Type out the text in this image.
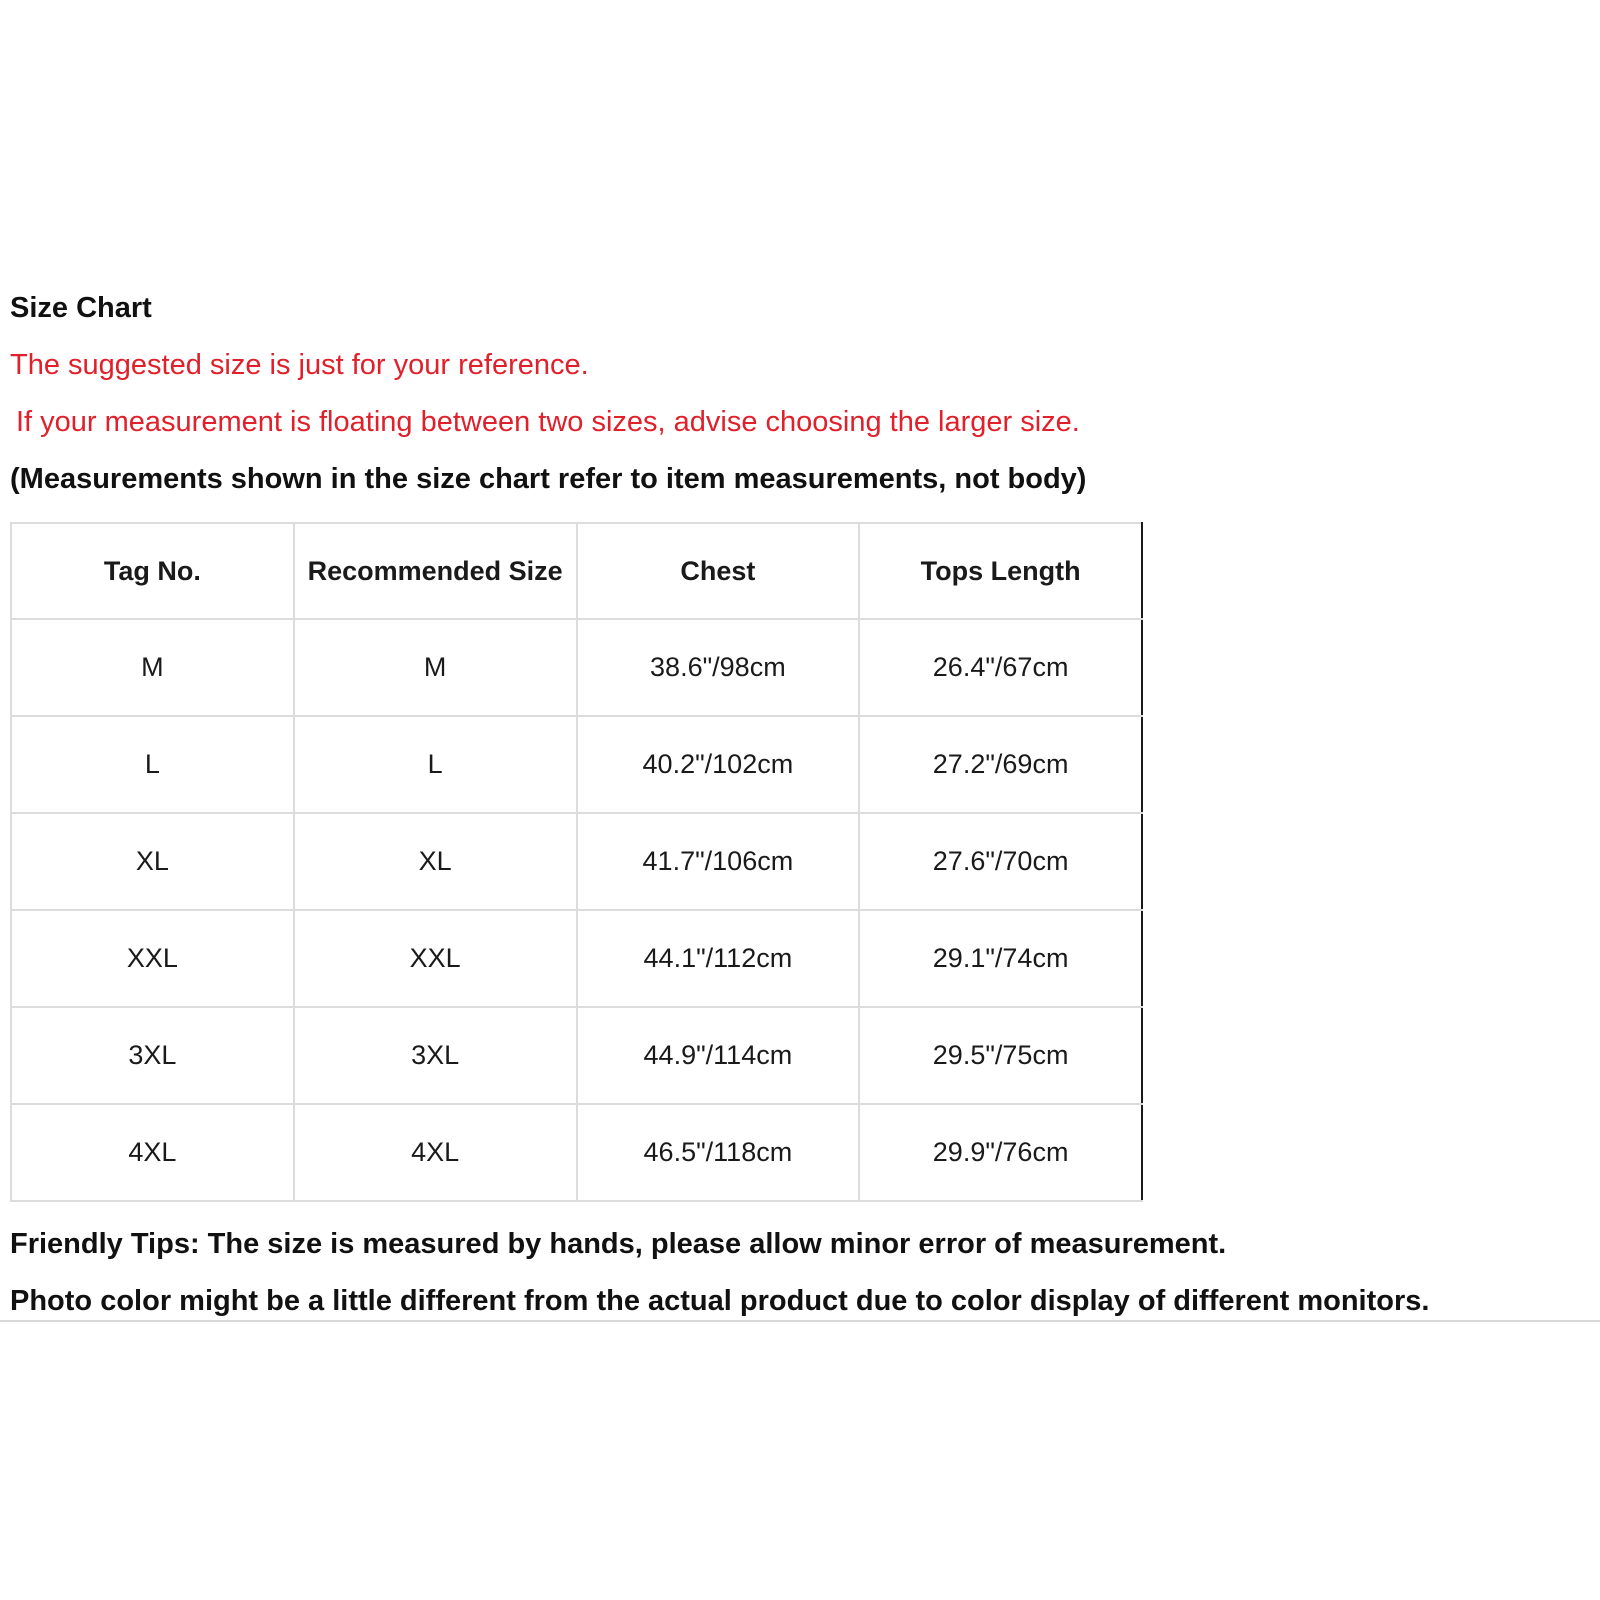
Size Chart
The suggested size is just for your reference.
If your measurement is floating between two sizes, advise choosing the larger size.
(Measurements shown in the size chart refer to item measurements, not body)
Tag No.	Recommended Size	Chest	Tops Length
M	M	38.6"/98cm	26.4"/67cm
L	L	40.2"/102cm	27.2"/69cm
XL	XL	41.7"/106cm	27.6"/70cm
XXL	XXL	44.1"/112cm	29.1"/74cm
3XL	3XL	44.9"/114cm	29.5"/75cm
4XL	4XL	46.5"/118cm	29.9"/76cm
Friendly Tips: The size is measured by hands, please allow minor error of measurement.
Photo color might be a little different from the actual product due to color display of different monitors.
